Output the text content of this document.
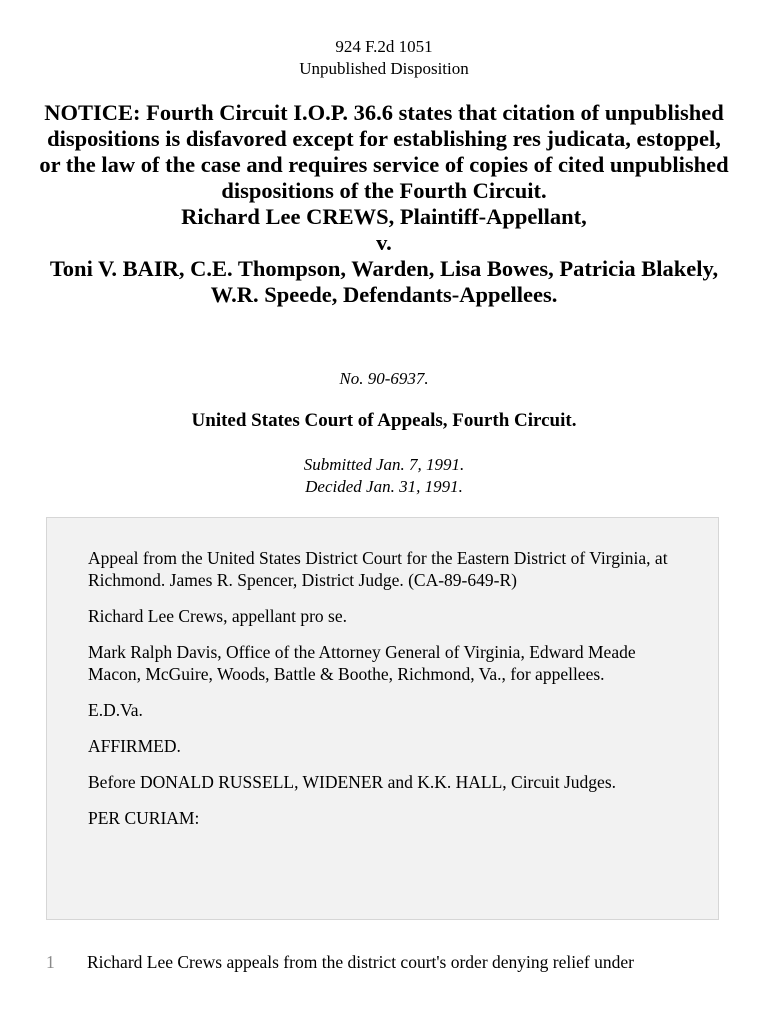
924 F.2d 1051
Unpublished Disposition
NOTICE: Fourth Circuit I.O.P. 36.6 states that citation of unpublished dispositions is disfavored except for establishing res judicata, estoppel, or the law of the case and requires service of copies of cited unpublished dispositions of the Fourth Circuit.
Richard Lee CREWS, Plaintiff-Appellant,
v.
Toni V. BAIR, C.E. Thompson, Warden, Lisa Bowes, Patricia Blakely, W.R. Speede, Defendants-Appellees.
No. 90-6937.
United States Court of Appeals, Fourth Circuit.
Submitted Jan. 7, 1991.
Decided Jan. 31, 1991.

Appeal from the United States District Court for the Eastern District of Virginia, at Richmond. James R. Spencer, District Judge. (CA-89-649-R)

Richard Lee Crews, appellant pro se.

Mark Ralph Davis, Office of the Attorney General of Virginia, Edward Meade Macon, McGuire, Woods, Battle & Boothe, Richmond, Va., for appellees.

E.D.Va.

AFFIRMED.

Before DONALD RUSSELL, WIDENER and K.K. HALL, Circuit Judges.

PER CURIAM:

1 Richard Lee Crews appeals from the district court's order denying relief under
